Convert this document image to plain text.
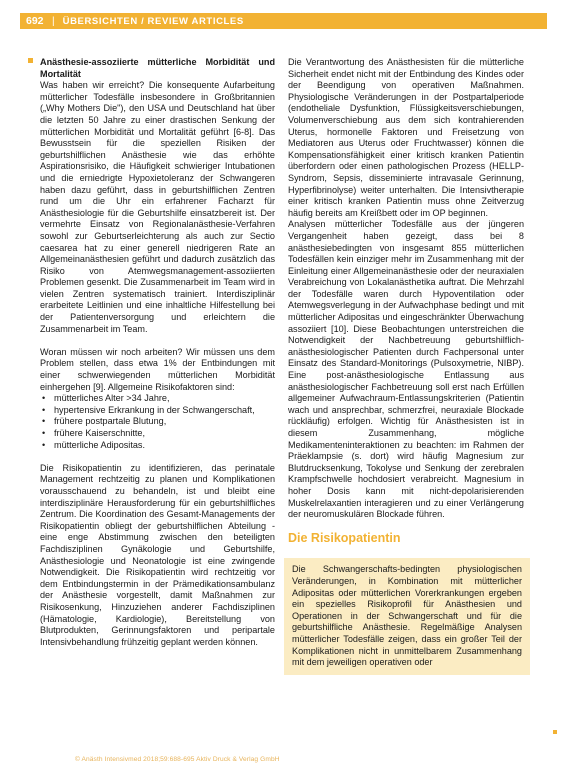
692 | ÜBERSICHTEN / REVIEW ARTICLES

Anästhesie-assoziierte mütterliche Morbidität und Mortalität

Was haben wir erreicht? Die konsequente Aufarbeitung mütterlicher Todesfälle insbesondere in Großbritannien („Why Mothers Die"), den USA und Deutschland hat über die letzten 50 Jahre zu einer drastischen Senkung der mütterlichen Morbidität und Mortalität geführt [6-8]. Das Bewusstsein für die speziellen Risiken der geburtshilflichen Anästhesie wie das erhöhte Aspirationsrisiko, die Häufigkeit schwieriger Intubationen und die erniedrigte Hypoxietoleranz der Schwangeren haben dazu geführt, dass in geburtshilflichen Zentren rund um die Uhr ein erfahrener Facharzt für Anästhesiologie für die Geburtshilfe einsatzbereit ist. Der vermehrte Einsatz von Regionalanästhesie-Verfahren sowohl zur Geburtserleichterung als auch zur Sectio caesarea hat zu einer generell niedrigeren Rate an Allgemeinanästhesien geführt und dadurch zusätzlich das Risiko von Atemwegsmanagement-assoziierten Problemen gesenkt. Die Zusammenarbeit im Team wird in vielen Zentren systematisch trainiert. Interdisziplinär erarbeitete Leitlinien und eine inhaltliche Hilfestellung bei der Patientenversorgung und erleichtern die Zusammenarbeit im Team.

Woran müssen wir noch arbeiten? Wir müssen uns dem Problem stellen, dass etwa 1% der Entbindungen mit einer schwerwiegenden mütterlichen Morbidität einhergehen [9]. Allgemeine Risikofaktoren sind:

• mütterliches Alter >34 Jahre,
• hypertensive Erkrankung in der Schwangerschaft,
• frühere postpartale Blutung,
• frühere Kaiserschnitte,
• mütterliche Adipositas.

Die Risikopatientin zu identifizieren, das perinatale Management rechtzeitig zu planen und Komplikationen vorausschauend zu behandeln, ist und bleibt eine interdisziplinäre Herausforderung für ein geburtshilfliches Zentrum. Die Koordination des Gesamt-Managements der Risikopatientin obliegt der geburtshilflichen Abteilung - eine enge Abstimmung zwischen den beteiligten Fachdisziplinen Gynäkologie und Geburtshilfe, Anästhesiologie und Neonatologie ist eine zwingende Notwendigkeit. Die Risikopatientin wird rechtzeitig vor dem Entbindungstermin in der Prämedikationsambulanz der Anästhesie vorgestellt, damit Maßnahmen zur Risikosenkung, Hinzuziehen anderer Fachdisziplinen (Hämatologie, Kardiologie), Bereitstellung von Blutprodukten, Gerinnungsfaktoren und peripartale Intensivbehandlung frühzeitig geplant werden können.

Die Verantwortung des Anästhesisten für die mütterliche Sicherheit endet nicht mit der Entbindung des Kindes oder der Beendigung von operativen Maßnahmen. Physiologische Veränderungen in der Postpartalperiode (endotheliale Dysfunktion, Flüssigkeitsverschiebungen, Volumenverschiebung aus dem sich kontrahierenden Uterus, hormonelle Faktoren und Freisetzung von Mediatoren aus Uterus oder Fruchtwasser) können die Kompensationsfähigkeit einer kritisch kranken Patientin überfordern oder einen pathologischen Prozess (HELLP-Syndrom, Sepsis, disseminierte intravasale Gerinnung, Hyperfibrinolyse) weiter unterhalten. Die Intensivtherapie einer kritisch kranken Patientin muss ohne Zeitverzug häufig bereits am Kreißbett oder im OP beginnen.

Analysen mütterlicher Todesfälle aus der jüngeren Vergangenheit haben gezeigt, dass bei 8 anästhesiebedingten von insgesamt 855 mütterlichen Todesfällen kein einziger mehr im Zusammenhang mit der Einleitung einer Allgemeinanästhesie oder der neuraxialen Verabreichung von Lokalanästhetika auftrat. Die Mehrzahl der Todesfälle waren durch Hypoventilation oder Atemwegsverlegung in der Aufwachphase bedingt und mit mütterlicher Adipositas und eingeschränkter Überwachung assoziiert [10]. Diese Beobachtungen unterstreichen die Notwendigkeit der Nachbetreuung geburtshilflich-anästhesiologischer Patienten durch Fachpersonal unter Einsatz des Standard-Monitorings (Pulsoxymetrie, NIBP). Eine post-anästhesiologische Entlassung aus anästhesiologischer Fachbetreuung soll erst nach Erfüllen allgemeiner Aufwachraum-Entlassungskriterien (Patientin wach und ansprechbar, schmerzfrei, neuraxiale Blockade rückläufig) erfolgen. Wichtig für Anästhesisten ist in diesem Zusammenhang, mögliche Medikamenteninteraktionen zu beachten: im Rahmen der Präeklampsie (s. dort) wird häufig Magnesium zur Blutdrucksenkung, Tokolyse und Senkung der zerebralen Krampfschwelle hochdosiert verabreicht. Magnesium in hoher Dosis kann mit nicht-depolarisierenden Muskelrelaxantien interagieren und zu einer Verlängerung der neuromuskulären Blockade führen.

Die Risikopatientin
Die Schwangerschafts-bedingten physiologischen Veränderungen, in Kombination mit mütterlicher Adipositas oder mütterlichen Vorerkrankungen ergeben ein spezielles Risikoprofil für Anästhesien und Operationen in der Schwangerschaft und für die geburtshilfliche Anästhesie. Regelmäßige Analysen mütterlicher Todesfälle zeigen, dass ein großer Teil der Komplikationen nicht in unmittelbarem Zusammenhang mit dem jeweiligen operativen oder
© Anästh Intensivmed 2018;59:688-695 Aktiv Druck & Verlag GmbH
